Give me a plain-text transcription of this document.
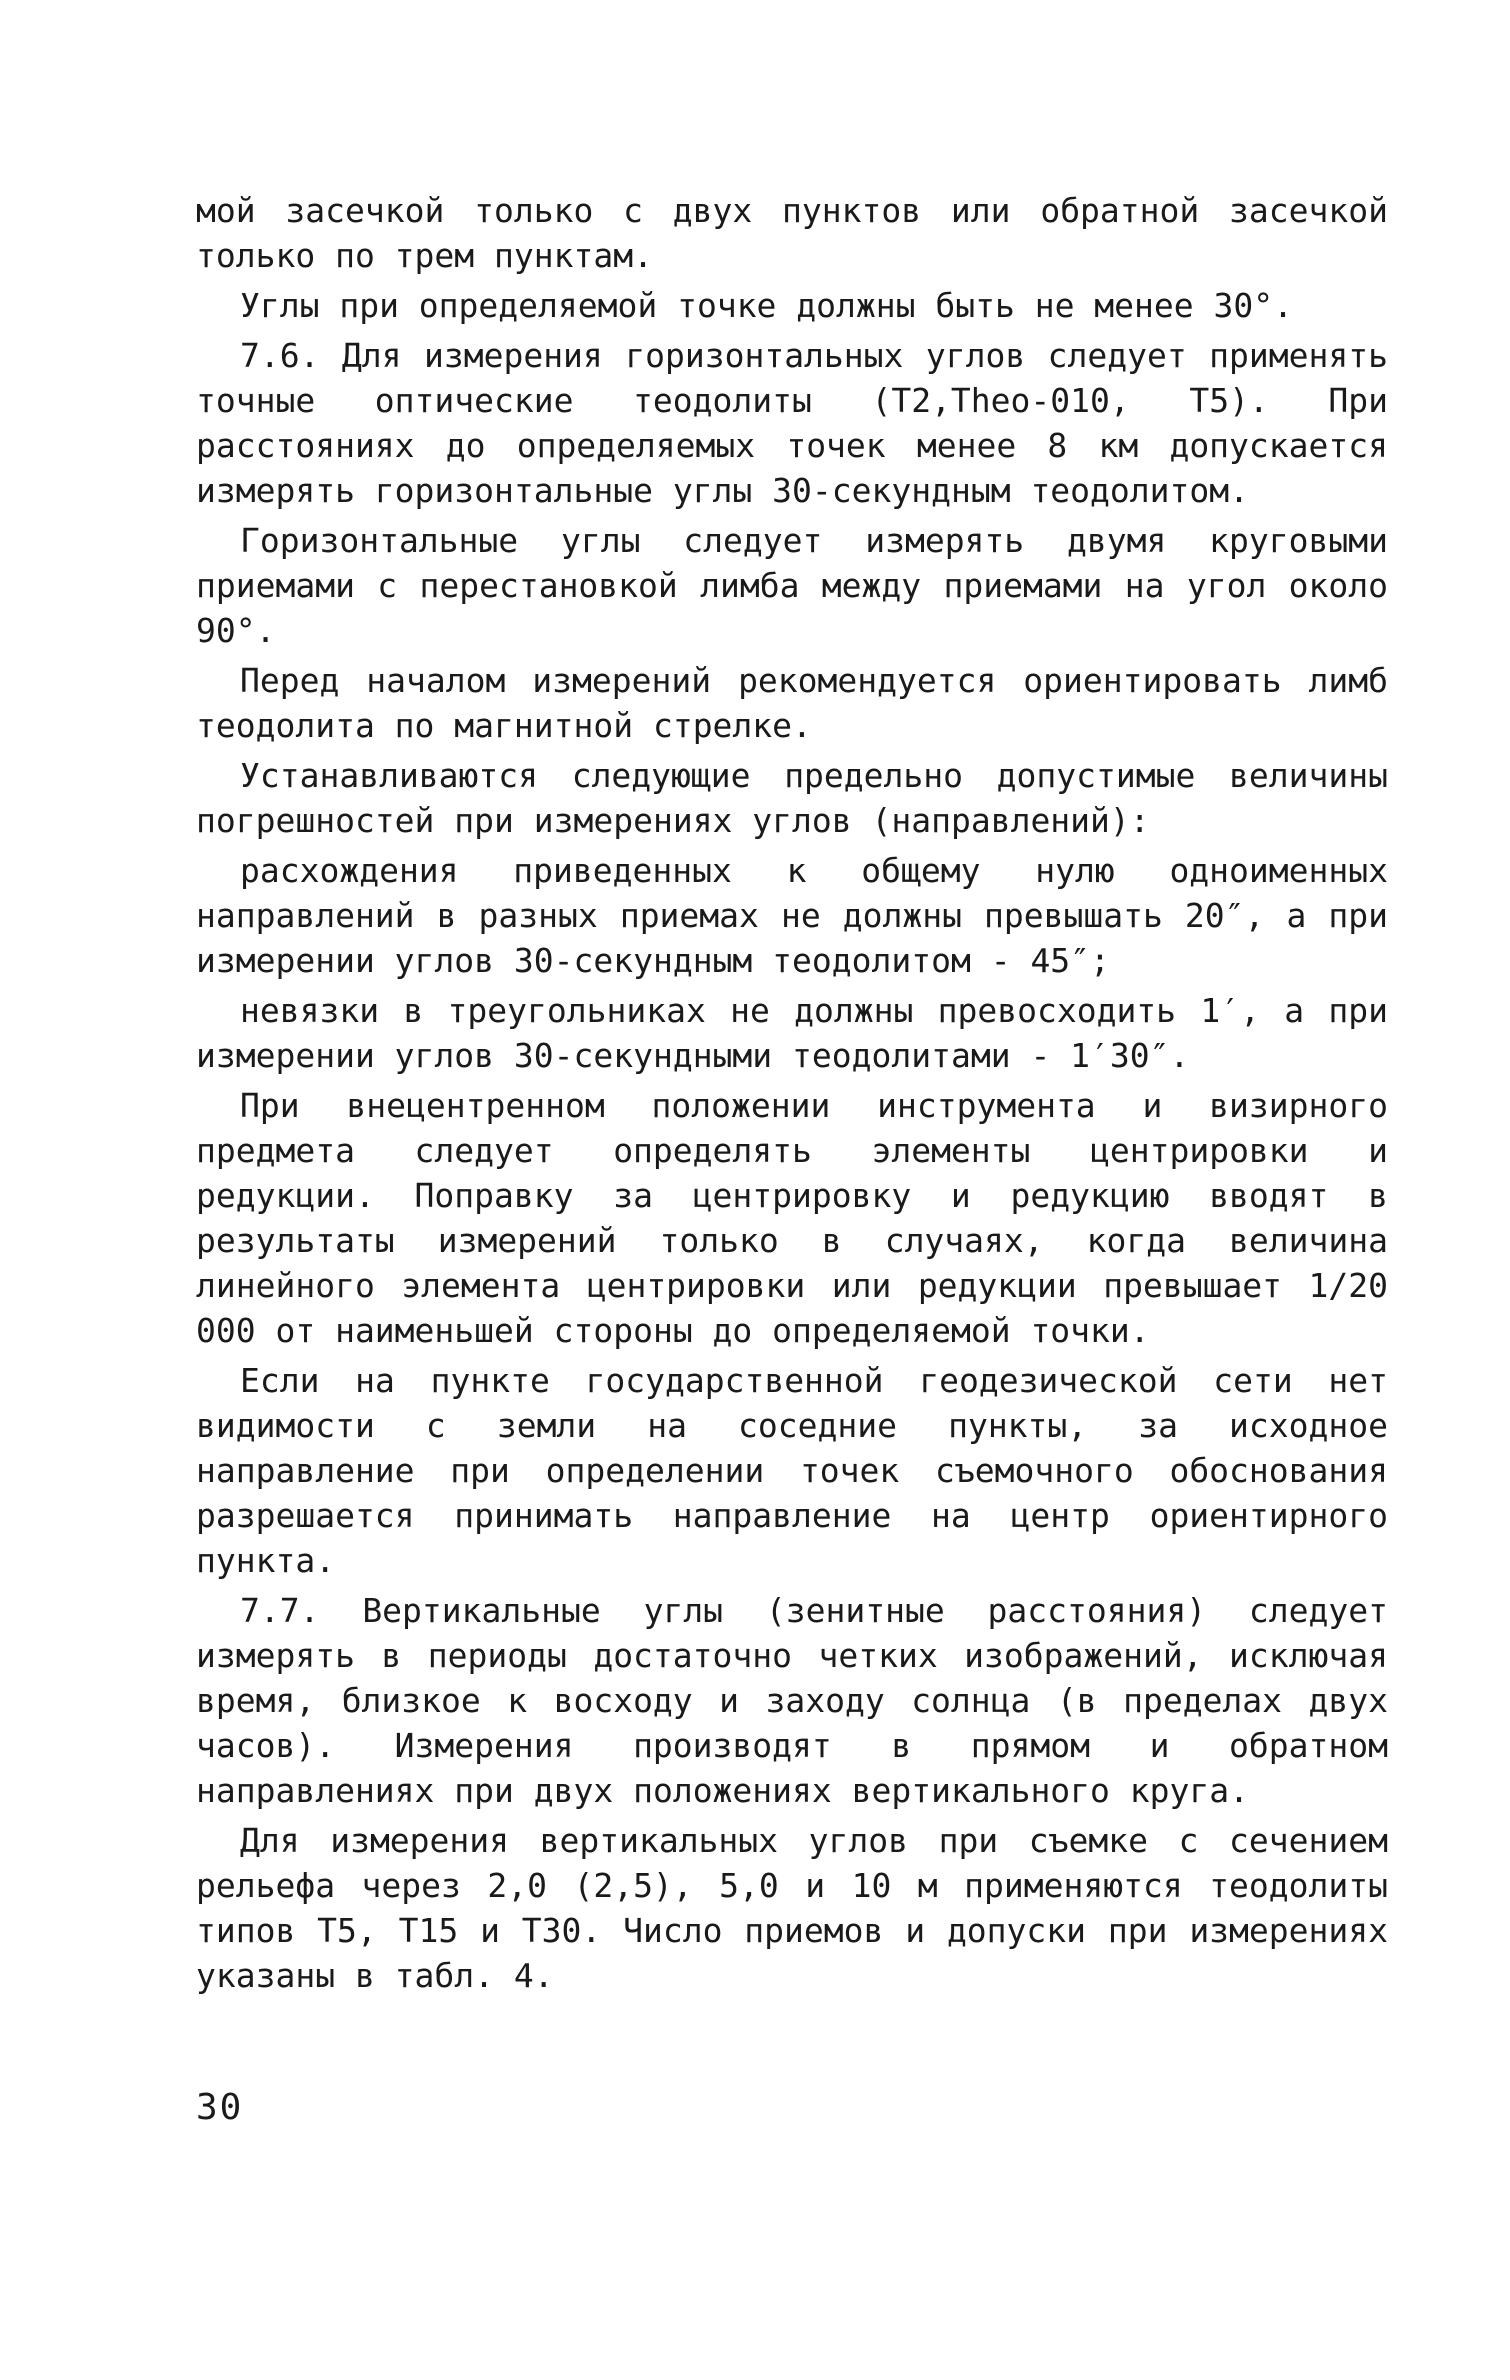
мой засечкой только с двух пунктов или обратной засечкой только по трем пунктам.

Углы при определяемой точке должны быть не менее 30°.

7.6. Для измерения горизонтальных углов следует применять точные оптические теодолиты (Т2,Theo-010, Т5). При расстояниях до определяемых точек менее 8 км допускается измерять горизонтальные углы 30-секундным теодолитом.

Горизонтальные углы следует измерять двумя круговыми приемами с перестановкой лимба между приемами на угол около 90°.

Перед началом измерений рекомендуется ориентировать лимб теодолита по магнитной стрелке.

Устанавливаются следующие предельно допустимые величины погрешностей при измерениях углов (направлений):

расхождения приведенных к общему нулю одноименных направлений в разных приемах не должны превышать 20″, а при измерении углов 30-секундным теодолитом - 45″;

невязки в треугольниках не должны превосходить 1′, а при измерении углов 30-секундными теодолитами - 1′30″.

При внецентренном положении инструмента и визирного предмета следует определять элементы центрировки и редукции. Поправку за центрировку и редукцию вводят в результаты измерений только в случаях, когда величина линейного элемента центрировки или редукции превышает 1/20 000 от наименьшей стороны до определяемой точки.

Если на пункте государственной геодезической сети нет видимости с земли на соседние пункты, за исходное направление при определении точек съемочного обоснования разрешается принимать направление на центр ориентирного пункта.

7.7. Вертикальные углы (зенитные расстояния) следует измерять в периоды достаточно четких изображений, исключая время, близкое к восходу и заходу солнца (в пределах двух часов). Измерения производят в прямом и обратном направлениях при двух положениях вертикального круга.

Для измерения вертикальных углов при съемке с сечением рельефа через 2,0 (2,5), 5,0 и 10 м применяются теодолиты типов Т5, Т15 и Т30. Число приемов и допуски при измерениях указаны в табл. 4.

30
